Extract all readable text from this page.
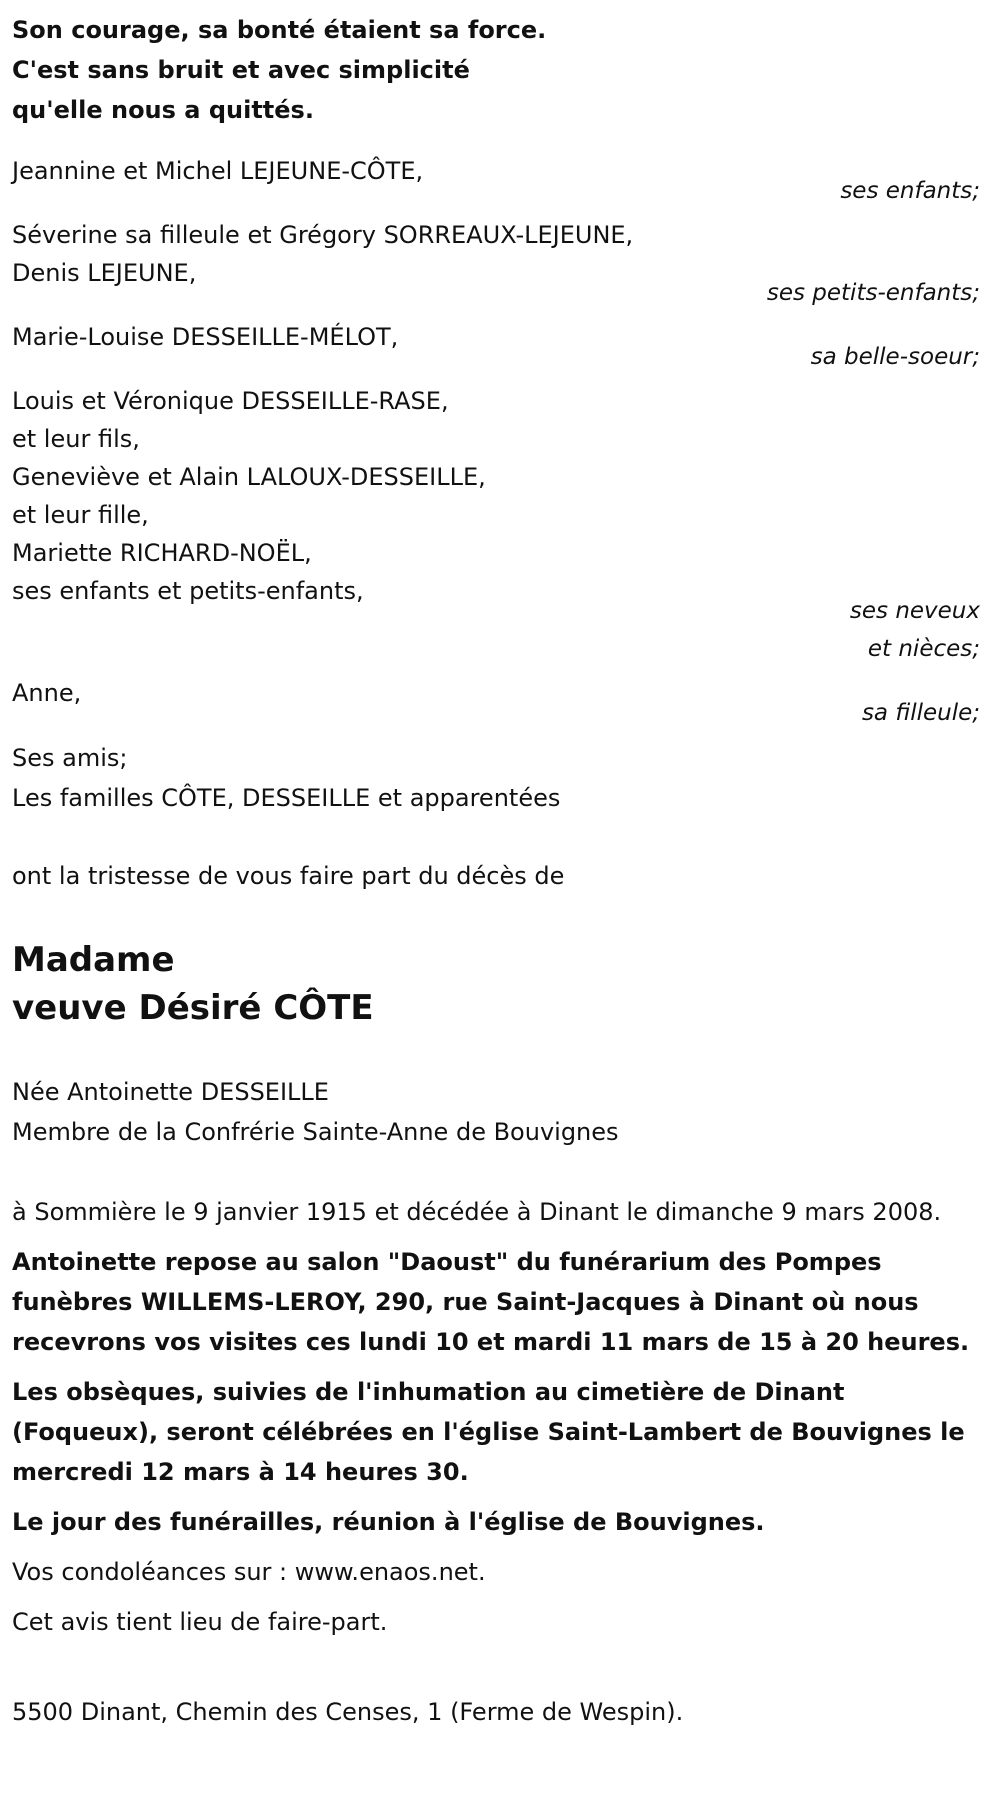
Son courage, sa bonté étaient sa force.
C'est sans bruit et avec simplicité
qu'elle nous a quittés.
Jeannine et Michel LEJEUNE-CÔTE,
ses enfants;
Séverine sa filleule et Grégory SORREAUX-LEJEUNE,
Denis LEJEUNE,
ses petits-enfants;
Marie-Louise DESSEILLE-MÉLOT,
sa belle-soeur;
Louis et Véronique DESSEILLE-RASE,
et leur fils,
Geneviève et Alain LALOUX-DESSEILLE,
et leur fille,
Mariette RICHARD-NOËL,
ses enfants et petits-enfants,
ses neveux et nièces;
Anne,
sa filleule;
Ses amis;
Les familles CÔTE, DESSEILLE et apparentées
ont la tristesse de vous faire part du décès de
Madame
veuve Désiré CÔTE
Née Antoinette DESSEILLE
Membre de la Confrérie Sainte-Anne de Bouvignes
à Sommière le 9 janvier 1915 et décédée à Dinant le dimanche 9 mars 2008.
Antoinette repose au salon "Daoust" du funérarium des Pompes funèbres WILLEMS-LEROY, 290, rue Saint-Jacques à Dinant où nous recevrons vos visites ces lundi 10 et mardi 11 mars de 15 à 20 heures.
Les obsèques, suivies de l'inhumation au cimetière de Dinant (Foqueux), seront célébrées en l'église Saint-Lambert de Bouvignes le mercredi 12 mars à 14 heures 30.
Le jour des funérailles, réunion à l'église de Bouvignes.
Vos condoléances sur : www.enaos.net.
Cet avis tient lieu de faire-part.
5500 Dinant, Chemin des Censes, 1 (Ferme de Wespin).
